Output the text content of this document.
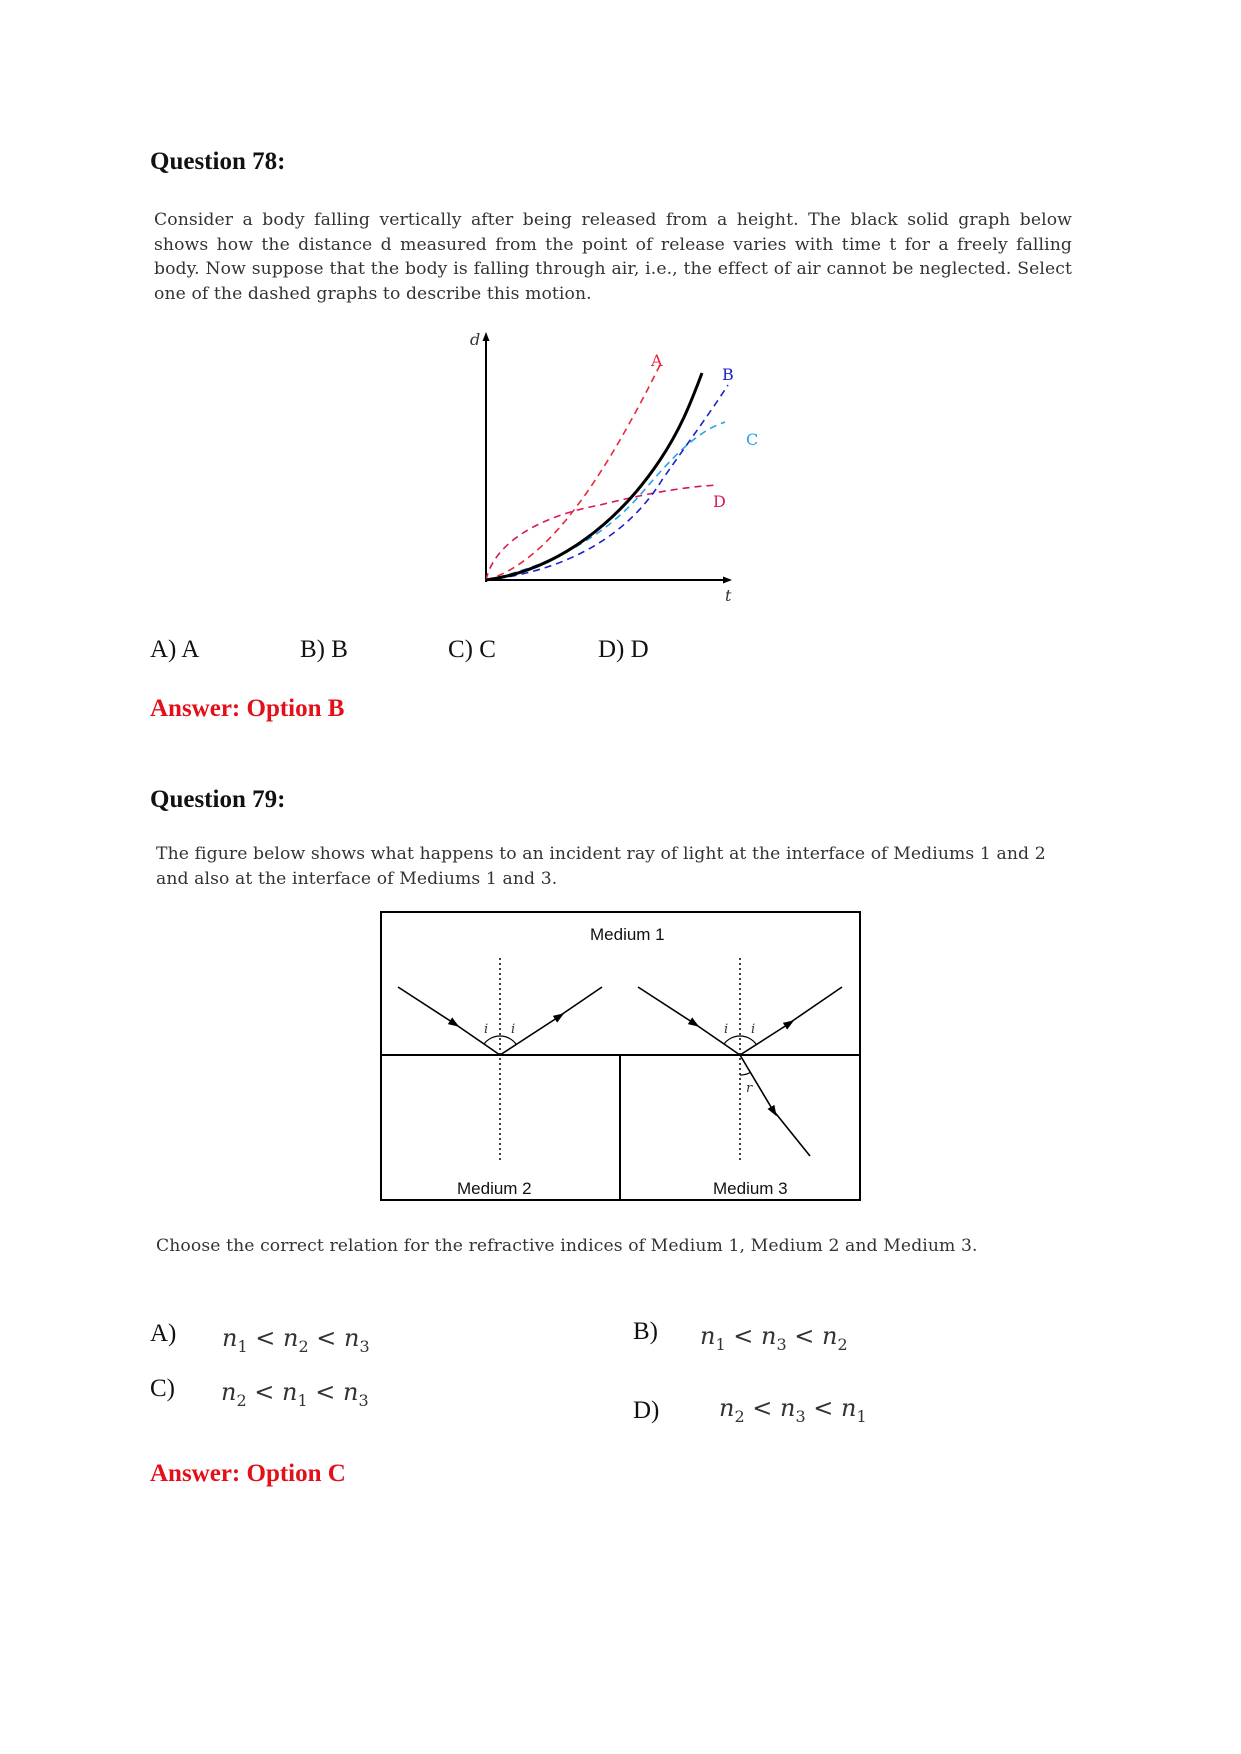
Question 78:
Consider a body falling vertically after being released from a height. The black solid graph below shows how the distance d measured from the point of release varies with time t for a freely falling body. Now suppose that the body is falling through air, i.e., the effect of air cannot be neglected. Select one of the dashed graphs to describe this motion.
d
t
A
B
C
D
A) A	B) B	C) C	D) D
Answer: Option B
Question 79:
The figure below shows what happens to an incident ray of light at the interface of Mediums 1 and 2 and also at the interface of Mediums 1 and 3.
i i	i i
r
Medium 1
Medium 2	Medium 3
Choose the correct relation for the refractive indices of Medium 1, Medium 2 and Medium 3.
A) $n_1 < n_2 < n_3$
B) $n_1 < n_3 < n_2$
C) $n_2 < n_1 < n_3$	D) $n_2 < n_3 < n_1$
Answer: Option C
